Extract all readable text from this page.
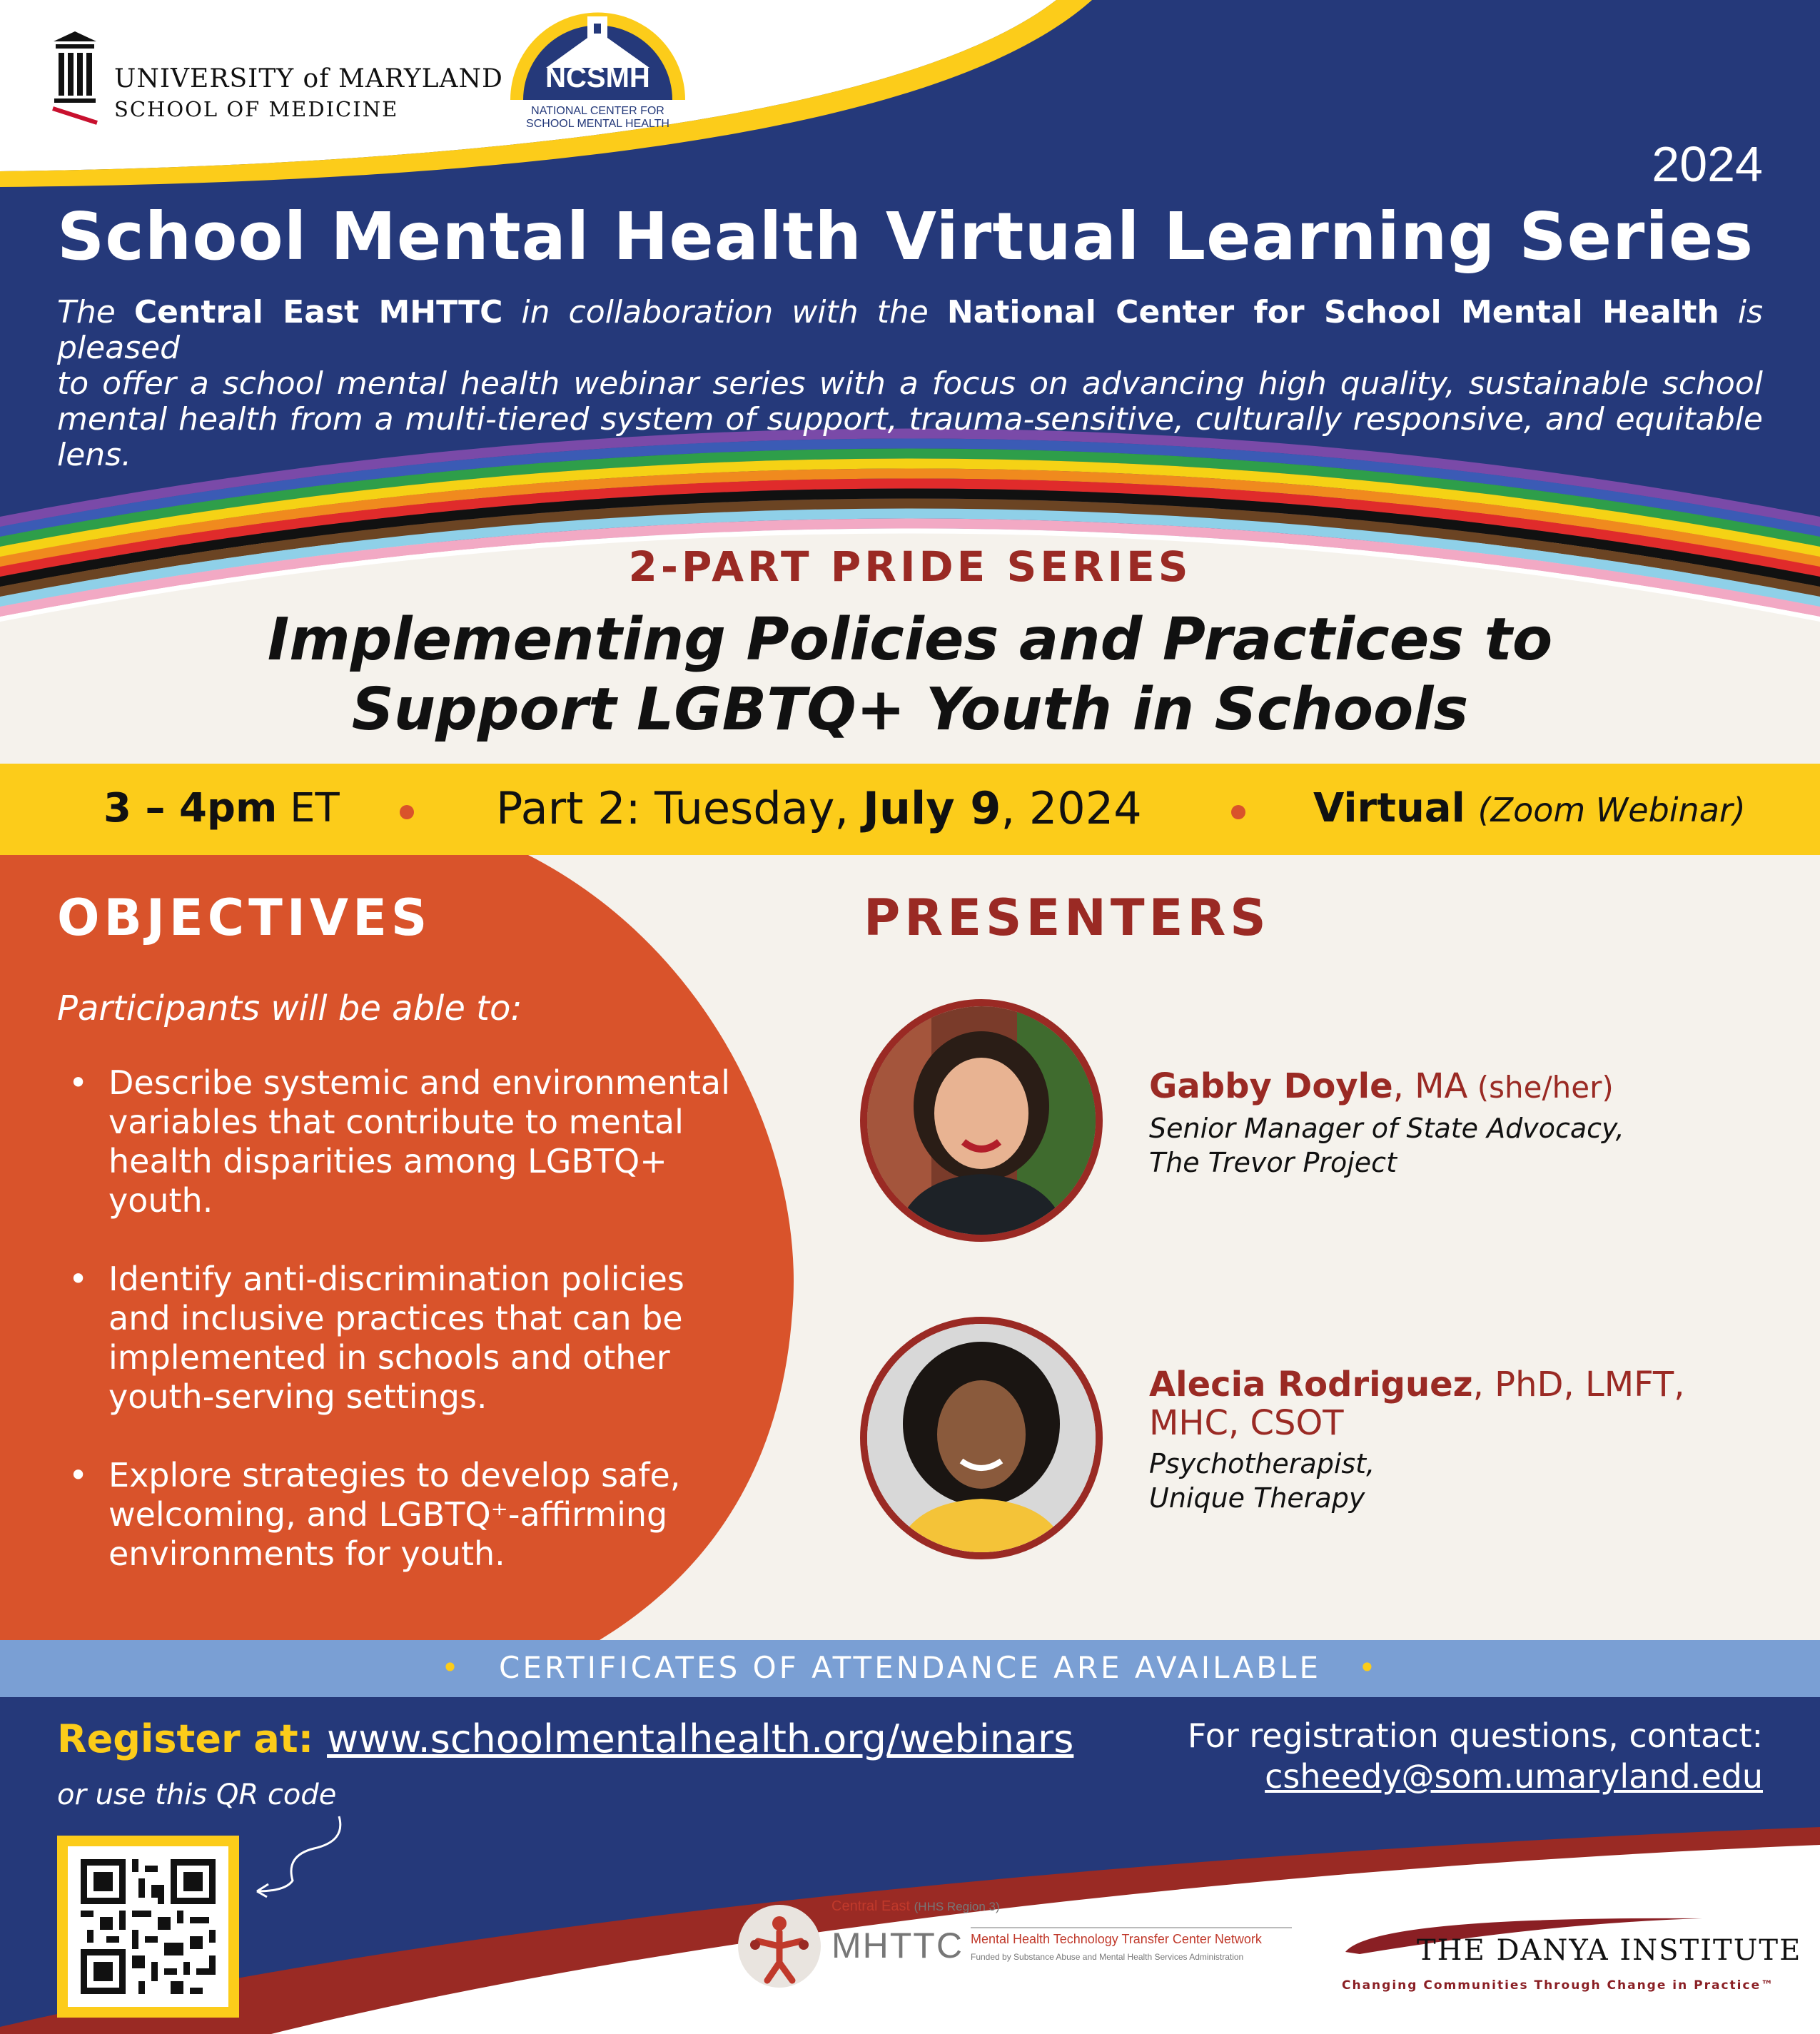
UNIVERSITY of MARYLAND
SCHOOL OF MEDICINE
NCSMH
NATIONAL CENTER FOR
SCHOOL MENTAL HEALTH
2024
School Mental Health Virtual Learning Series
The Central East MHTTC in collaboration with the National Center for School Mental Health is pleased
to offer a school mental health webinar series with a focus on advancing high quality, sustainable school
mental health from a multi-tiered system of support, trauma-sensitive, culturally responsive, and equitable lens.
2-PART PRIDE SERIES
Implementing Policies and Practices to
Support LGBTQ+ Youth in Schools
3 – 4pm ET	Part 2: Tuesday, July 9, 2024	Virtual (Zoom Webinar)
OBJECTIVES
Participants will be able to:
• Describe systemic and environmental variables that contribute to mental health disparities among LGBTQ+ youth.
• Identify anti-discrimination policies and inclusive practices that can be implemented in schools and other youth-serving settings.
• Explore strategies to develop safe, welcoming, and LGBTQ⁺-affirming environments for youth.
PRESENTERS
Gabby Doyle, MA (she/her)
Senior Manager of State Advocacy,
The Trevor Project
Alecia Rodriguez, PhD, LMFT,
MHC, CSOT
Psychotherapist,
Unique Therapy
• CERTIFICATES OF ATTENDANCE ARE AVAILABLE •
Register at: www.schoolmentalhealth.org/webinars
or use this QR code
For registration questions, contact:
csheedy@som.umaryland.edu
Central East (HHS Region 3)
MHTTC Mental Health Technology Transfer Center Network
Funded by Substance Abuse and Mental Health Services Administration	THE DANYA INSTITUTE
Changing Communities Through Change in Practice™
